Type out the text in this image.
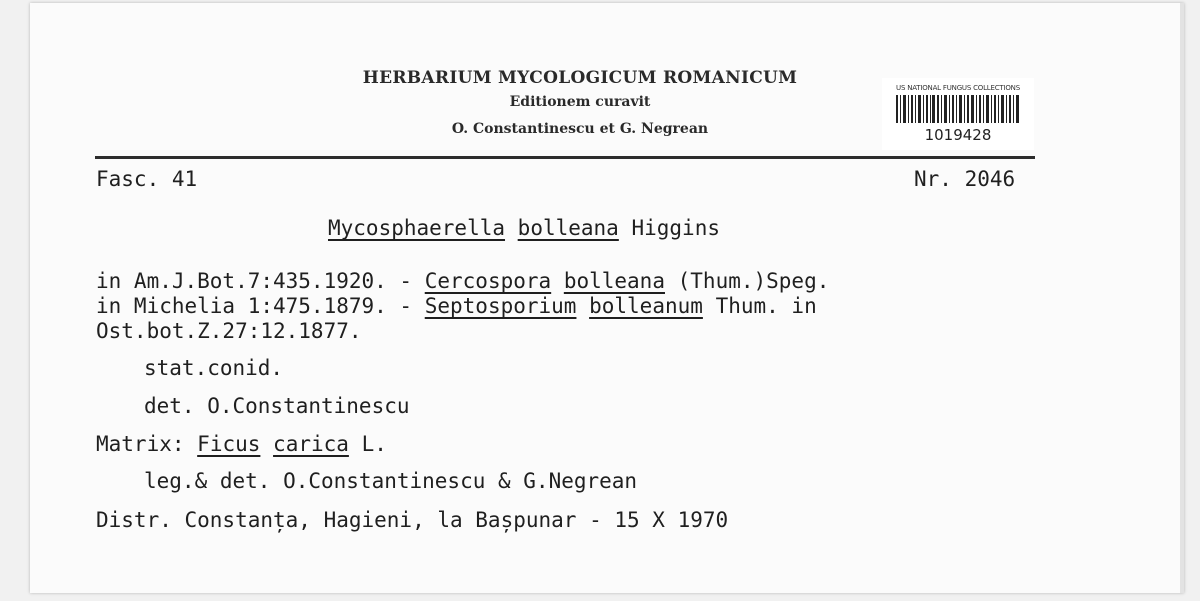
HERBARIUM MYCOLOGICUM ROMANICUM
Editionem curavit
O. Constantinescu et G. Negrean
US NATIONAL FUNGUS COLLECTIONS
1019428
Fasc. 41	Nr. 2046
Mycosphaerella bolleana Higgins
in Am.J.Bot.7:435.1920. - Cercospora bolleana (Thum.)Speg.
in Michelia 1:475.1879. - Septosporium bolleanum Thum. in
Ost.bot.Z.27:12.1877.
stat.conid.
det. O.Constantinescu
Matrix: Ficus carica L.
leg.& det. O.Constantinescu & G.Negrean
Distr. Constanța, Hagieni, la Bașpunar - 15 X 1970
